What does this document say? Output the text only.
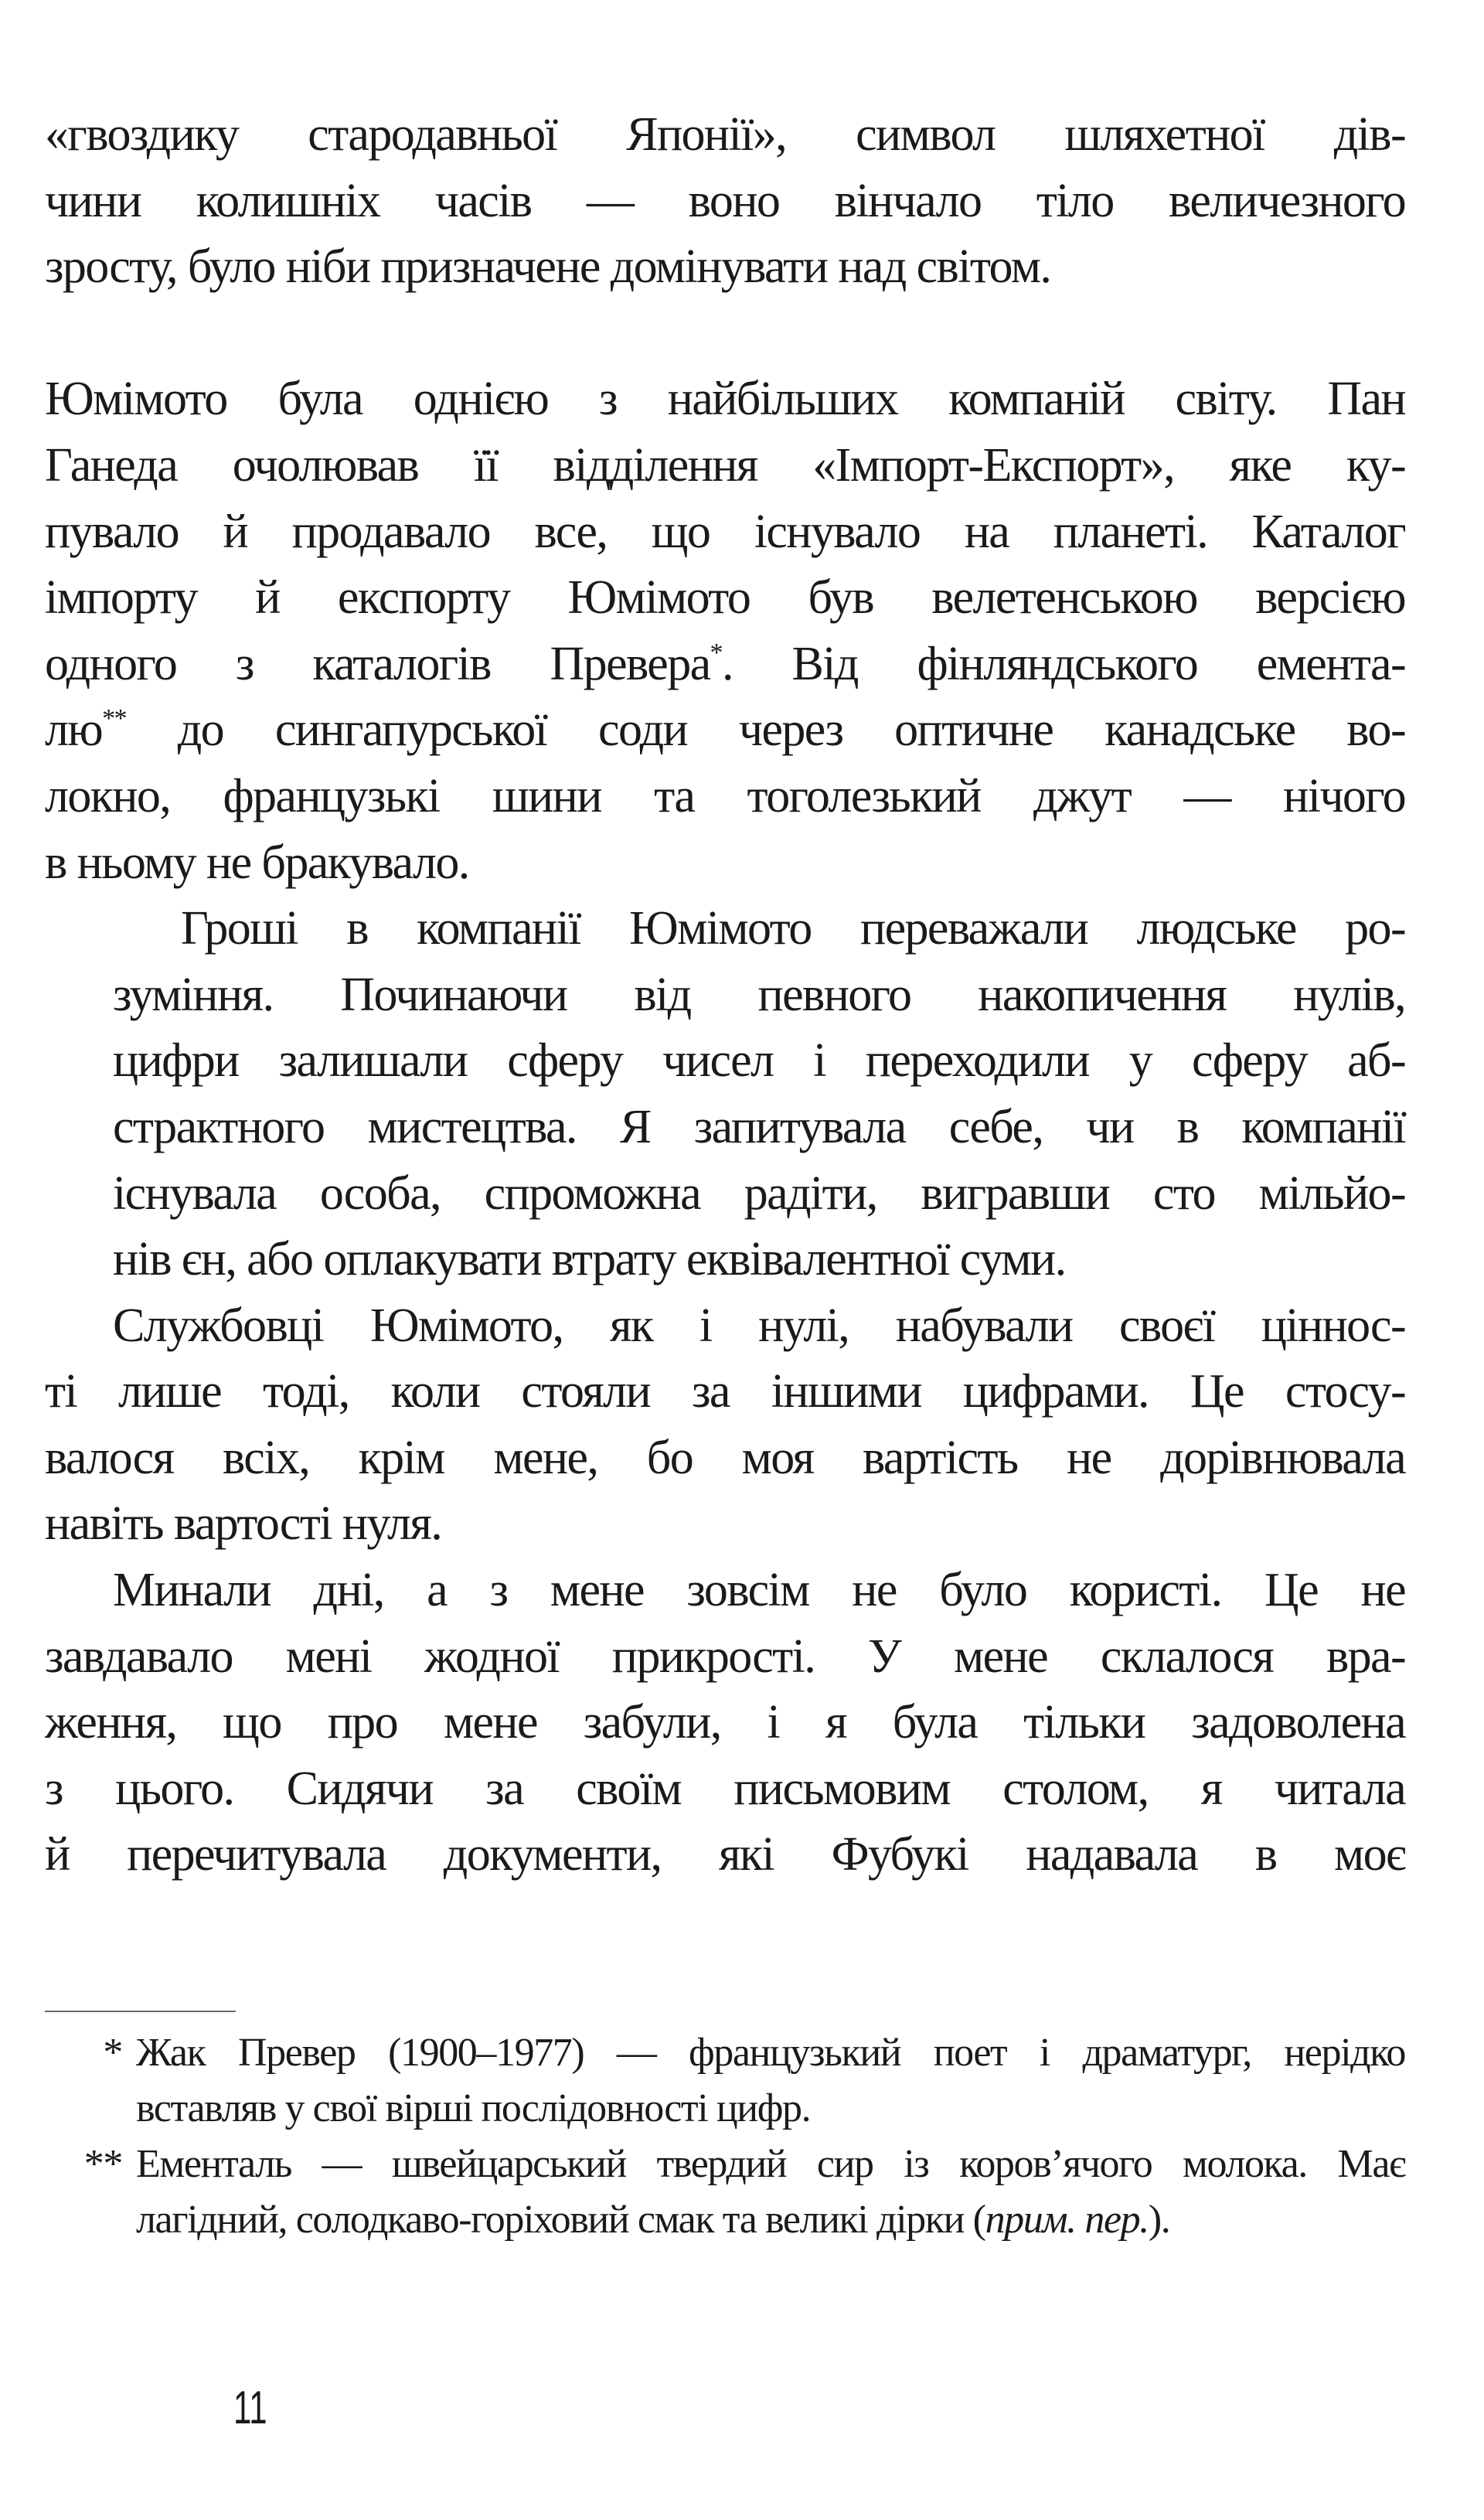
«гвоздику стародавньої Японії», символ шляхетної дів-
чини колишніх часів — воно вінчало тіло величезного
зросту, було ніби призначене домінувати над світом.

Юмімото була однією з найбільших компаній світу. Пан
Ганеда очолював її відділення «Імпорт-Експорт», яке ку-
пувало й продавало все, що існувало на планеті. Каталог
імпорту й експорту Юмімото був велетенською версією
одного з каталогів Превера*. Від фінляндського емента-
лю** до сингапурської соди через оптичне канадське во-
локно, французькі шини та тоголезький джут — нічого
в ньому не бракувало.

Гроші в компанії Юмімото переважали людське ро-
зуміння. Починаючи від певного накопичення нулів,
цифри залишали сферу чисел і переходили у сферу аб-
страктного мистецтва. Я запитувала себе, чи в компанії
існувала особа, спроможна радіти, вигравши сто мільйо-
нів єн, або оплакувати втрату еквівалентної суми.

Службовці Юмімото, як і нулі, набували своєї ціннос-
ті лише тоді, коли стояли за іншими цифрами. Це стосу-
валося всіх, крім мене, бо моя вартість не дорівнювала
навіть вартості нуля.

Минали дні, а з мене зовсім не було користі. Це не
завдавало мені жодної прикрості. У мене склалося вра-
ження, що про мене забули, і я була тільки задоволена
з цього. Сидячи за своїм письмовим столом, я читала
й перечитувала документи, які Фубукі надавала в моє

* Жак Превер (1900–1977) — французький поет і драматург, нерідко
вставляв у свої вірші послідовності цифр.
** Ементаль — швейцарський твердий сир із коров’ячого молока. Має
лагідний, солодкаво-горіховий смак та великі дірки (прим. пер.).
11
